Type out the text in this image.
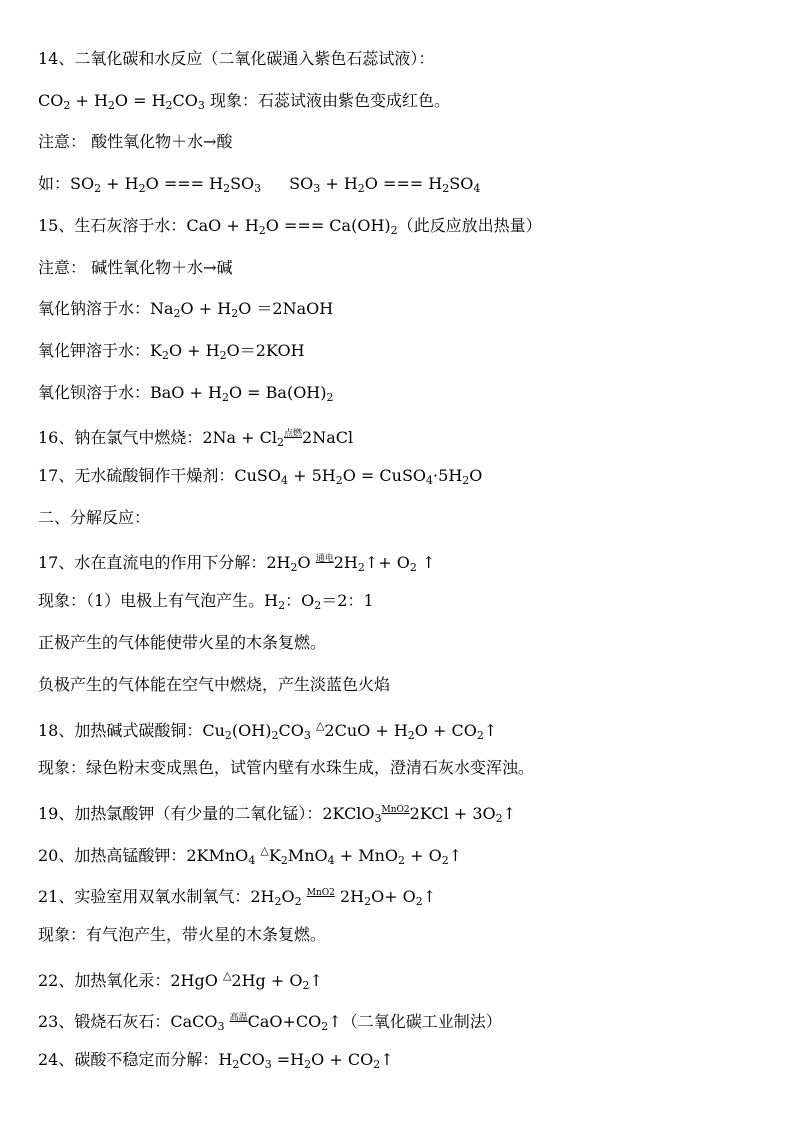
14、二氧化碳和水反应（二氧化碳通入紫色石蕊试液）：
$CO_2 + H_2O = H_2CO_3$ 现象：石蕊试液由紫色变成红色。
注意： 酸性氧化物＋水→酸
如：$SO_2 + H_2O$ === $H_2SO_3$ $SO_3 + H_2O$ === $H_2SO_4$
15、生石灰溶于水：CaO + $H_2O$ === $Ca(OH)_2$（此反应放出热量）
注意： 碱性氧化物＋水→碱
氧化钠溶于水：$Na_2O + H_2O$ ＝2NaOH
氧化钾溶于水：$K_2O + H_2O=2KOH$
氧化钡溶于水：BaO + $H_2O = Ba(OH)_2$
16、钠在氯气中燃烧：$2Na + Cl_2^{点燃}2NaCl$
17、无水硫酸铜作干燥剂：CuSO$_4$ + $5H_2O$ = $CuSO_4\cdot 5H_2O$
二、分解反应：
17、水在直流电的作用下分解：$2H_2O$ $^{通电}2H_2↑+ O_2$ ↑
现象：（1）电极上有气泡产生。$H_2$：$O_2=2$：1
正极产生的气体能使带火星的木条复燃。
负极产生的气体能在空气中燃烧，产生淡蓝色火焰
18、加热碱式碳酸铜：$Cu_2(OH)_2CO_3$ $^\triangle 2CuO + H_2O$ + $CO_2↑$
现象：绿色粉末变成黑色，试管内壁有水珠生成，澄清石灰水变浑浊。
19、加热氯酸钾（有少量的二氧化锰）：2KClO$_3^{MnO2}$2KCl + $3O_2↑$
20、加热高锰酸钾：2KMnO$_4$ $^\triangle K_2MnO_4 + MnO_2$ + $O_2↑$
21、实验室用双氧水制氧气：$2H_2O_2$ $^{MnO2}$ $2H_2O+$ $O_2↑$
现象：有气泡产生，带火星的木条复燃。
22、加热氧化汞：2HgO $^\triangle 2Hg + O_2↑$
23、锻烧石灰石：CaCO$_3$ $^{高温}CaO+CO_2↑$（二氧化碳工业制法）
24、碳酸不稳定而分解：$H_2CO_3 =H_2O$ + $CO_2↑$
